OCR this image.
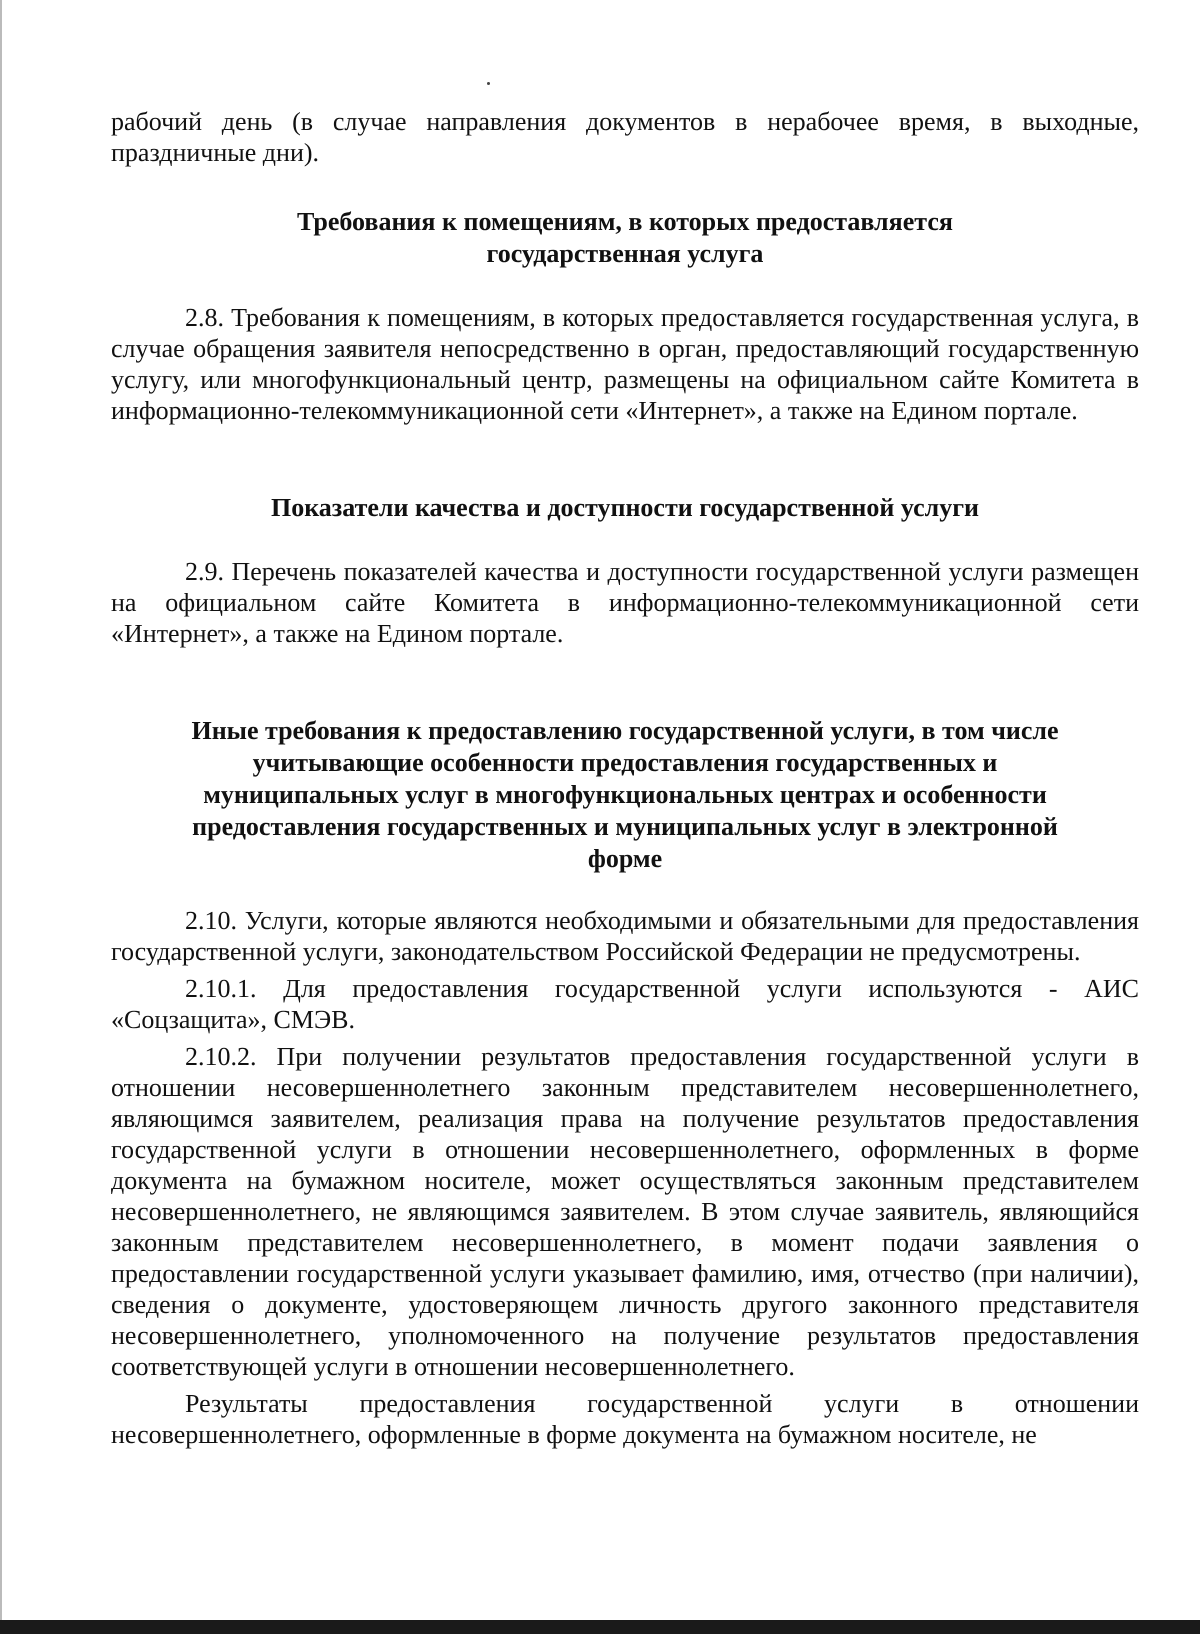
рабочий день (в случае направления документов в нерабочее время, в выходные, праздничные дни).

Требования к помещениям, в которых предоставляется
государственная услуга

2.8. Требования к помещениям, в которых предоставляется государственная услуга, в случае обращения заявителя непосредственно в орган, предоставляющий государственную услугу, или многофункциональный центр, размещены на официальном сайте Комитета в информационно-телекоммуникационной сети «Интернет», а также на Едином портале.

Показатели качества и доступности государственной услуги

2.9. Перечень показателей качества и доступности государственной услуги размещен на официальном сайте Комитета в информационно-телекоммуникационной сети «Интернет», а также на Едином портале.

Иные требования к предоставлению государственной услуги, в том числе
учитывающие особенности предоставления государственных и
муниципальных услуг в многофункциональных центрах и особенности
предоставления государственных и муниципальных услуг в электронной
форме

2.10. Услуги, которые являются необходимыми и обязательными для предоставления государственной услуги, законодательством Российской Федерации не предусмотрены.

2.10.1. Для предоставления государственной услуги используются - АИС «Соцзащита», СМЭВ.

2.10.2. При получении результатов предоставления государственной услуги в отношении несовершеннолетнего законным представителем несовершеннолетнего, являющимся заявителем, реализация права на получение результатов предоставления государственной услуги в отношении несовершеннолетнего, оформленных в форме документа на бумажном носителе, может осуществляться законным представителем несовершеннолетнего, не являющимся заявителем. В этом случае заявитель, являющийся законным представителем несовершеннолетнего, в момент подачи заявления о предоставлении государственной услуги указывает фамилию, имя, отчество (при наличии), сведения о документе, удостоверяющем личность другого законного представителя несовершеннолетнего, уполномоченного на получение результатов предоставления соответствующей услуги в отношении несовершеннолетнего.

Результаты предоставления государственной услуги в отношении несовершеннолетнего, оформленные в форме документа на бумажном носителе, не
